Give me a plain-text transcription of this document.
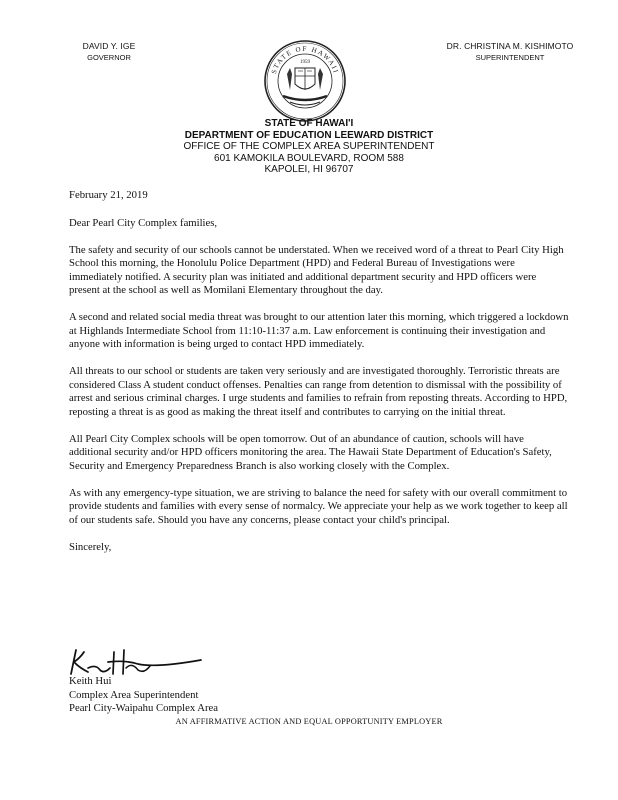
DAVID Y. IGE
GOVERNOR
DR. CHRISTINA M. KISHIMOTO
SUPERINTENDENT
STATE OF HAWAII
1959
STATE OF HAWAI'I
DEPARTMENT OF EDUCATION LEEWARD DISTRICT
OFFICE OF THE COMPLEX AREA SUPERINTENDENT
601 KAMOKILA BOULEVARD, ROOM 588
KAPOLEI, HI 96707

February 21, 2019

Dear Pearl City Complex families,

The safety and security of our schools cannot be understated. When we received word of a threat to Pearl City High School this morning, the Honolulu Police Department (HPD) and Federal Bureau of Investigations were immediately notified. A security plan was initiated and additional department security and HPD officers were present at the school as well as Momilani Elementary throughout the day.

A second and related social media threat was brought to our attention later this morning, which triggered a lockdown at Highlands Intermediate School from 11:10-11:37 a.m. Law enforcement is continuing their investigation and anyone with information is being urged to contact HPD immediately.

All threats to our school or students are taken very seriously and are investigated thoroughly. Terroristic threats are considered Class A student conduct offenses. Penalties can range from detention to dismissal with the possibility of arrest and serious criminal charges. I urge students and families to refrain from reposting threats. According to HPD, reposting a threat is as good as making the threat itself and contributes to carrying on the initial threat.

All Pearl City Complex schools will be open tomorrow. Out of an abundance of caution, schools will have additional security and/or HPD officers monitoring the area. The Hawaii State Department of Education's Safety, Security and Emergency Preparedness Branch is also working closely with the Complex.

As with any emergency-type situation, we are striving to balance the need for safety with our overall commitment to provide students and families with every sense of normalcy. We appreciate your help as we work together to keep all of our students safe. Should you have any concerns, please contact your child's principal.

Sincerely,

Keith Hui
Complex Area Superintendent
Pearl City-Waipahu Complex Area
AN AFFIRMATIVE ACTION AND EQUAL OPPORTUNITY EMPLOYER
